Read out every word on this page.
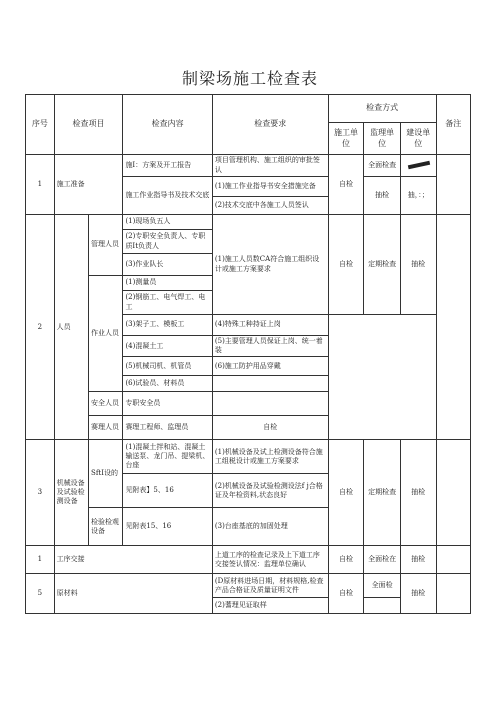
制梁场施工检查表
序号	检查项目		检查内容	检查要求	检查方式			备注
					施工单位	监理单位	建设单位	
1	施工准备		施Ⅰ：方案及开工报告	项目管理机构、施工组织的审批签认	自检	全面检查		
			施工作业指导书及技术交底	(1)施工作业指导书安全措施完备		抽检	抽，：；	
				(2)技术交底中各施工人员签认				
2	人员	管理人员	(1)现场负五人	(1)施工人员数CA符合施工组织设计或施工方案要求	自检	定期检查	抽检	
			(2)专职安全负责人、专职质It负责人					
			(3)作业队长					
		作业人员	(1)测量员					
			(2)钢筋工、电气焊工、电工					
			(3)架子工、模板工	(4)特殊工种持证上岗				
			(4)混凝土工	(5)主要管理人员保证上岗、统一着装				
			(5)机械司机、机管员	(6)施工防护用品穿戴				
			(6)试验员、材料员					
		安全人员	专职安全员					
		赛理人员	赛理工程师、监理员	自检				
3	机械设备及试验检测设备	SftI设的	(1)混凝土拌和站、混凝土输送泵、龙门吊、提梁机、台座	(1)机械设备及试上检测设备符合施工组税设计或施工方案要求	自检	定期检查	抽检	
			见附表】5、16	(2)机械设备及试验检测设法f j合格证及年检资料,状态良好				
		检验检观设备	见附表15、16	(3)台座基底的加固处理				
1	工序交接			上道工序的检查记录及上下道工序交接签认情况：监理单位确认	自检	全面检在	抽检	
5	原材料			(D原材料进场日期，材料规格,检查产品合格证及质量证明文件	自检	全面检	抽检	
				(2)蓍理见证取样				
